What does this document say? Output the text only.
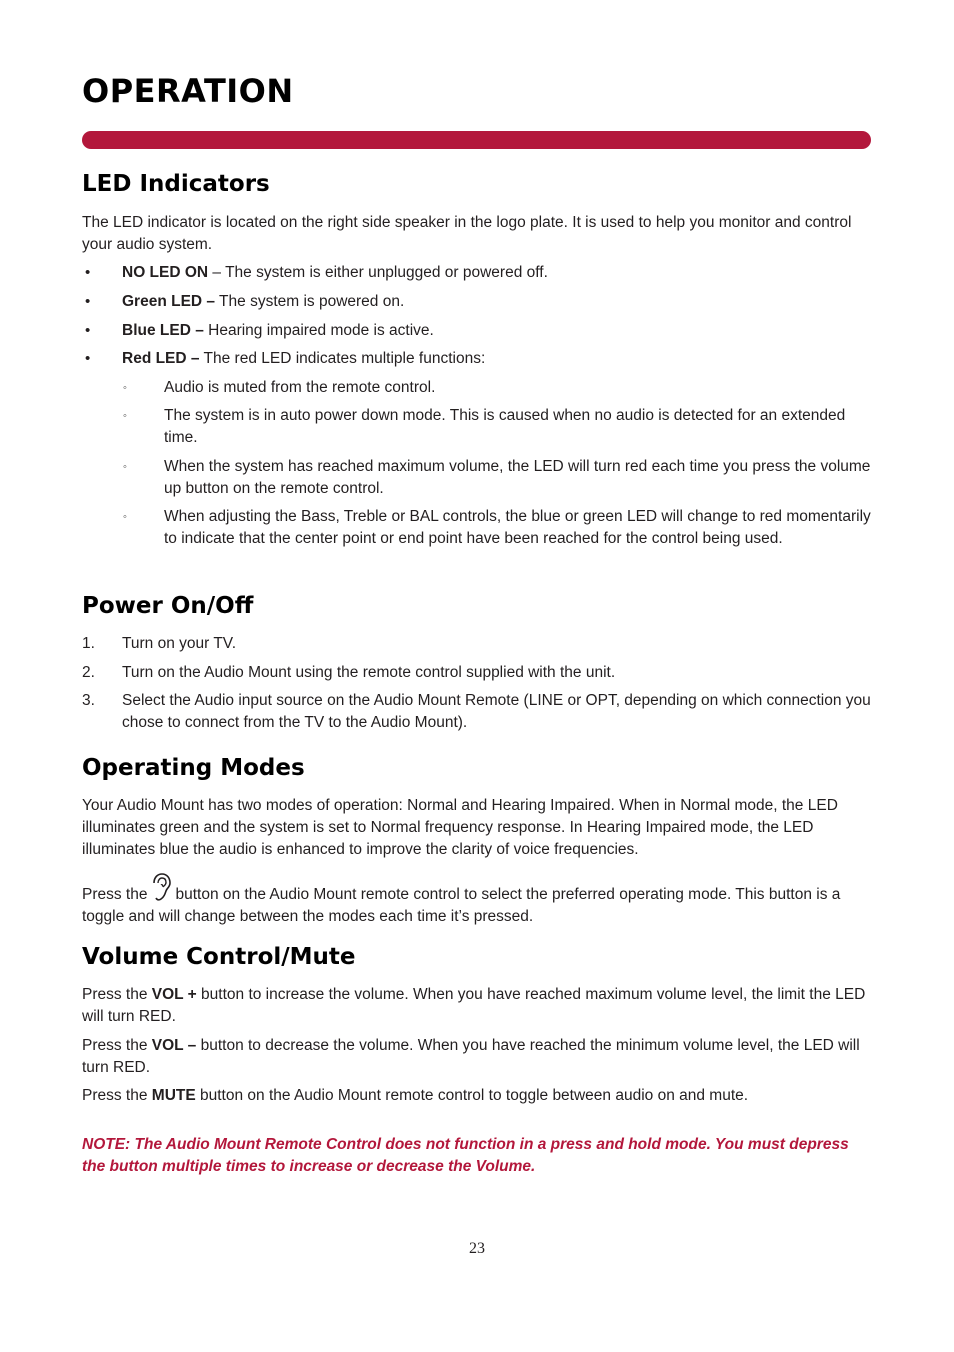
OPERATION
LED Indicators

The LED indicator is located on the right side speaker in the logo plate. It is used to help you monitor and control your audio system.

• NO LED ON – The system is either unplugged or powered off.

• Green LED – The system is powered on.

• Blue LED – Hearing impaired mode is active.

• Red LED – The red LED indicates multiple functions:

◦ Audio is muted from the remote control.

◦ The system is in auto power down mode. This is caused when no audio is detected for an extended time.

◦ When the system has reached maximum volume, the LED will turn red each time you press the volume up button on the remote control.

◦ When adjusting the Bass, Treble or BAL controls, the blue or green LED will change to red momentarily to indicate that the center point or end point have been reached for the control being used.

Power On/Off
1. Turn on your TV.

2. Turn on the Audio Mount using the remote control supplied with the unit.

3. Select the Audio input source on the Audio Mount Remote (LINE or OPT, depending on which connection you chose to connect from the TV to the Audio Mount).

Operating Modes

Your Audio Mount has two modes of operation: Normal and Hearing Impaired. When in Normal mode, the LED illuminates green and the system is set to Normal frequency response. In Hearing Impaired mode, the LED illuminates blue the audio is enhanced to improve the clarity of voice frequencies.

Press the button on the Audio Mount remote control to select the preferred operating mode. This button is a toggle and will change between the modes each time it’s pressed.

Volume Control/Mute

Press the VOL + button to increase the volume. When you have reached maximum volume level, the limit the LED will turn RED.

Press the VOL – button to decrease the volume. When you have reached the minimum volume level, the LED will turn RED.

Press the MUTE button on the Audio Mount remote control to toggle between audio on and mute.

NOTE: The Audio Mount Remote Control does not function in a press and hold mode. You must depress the button multiple times to increase or decrease the Volume.

23
